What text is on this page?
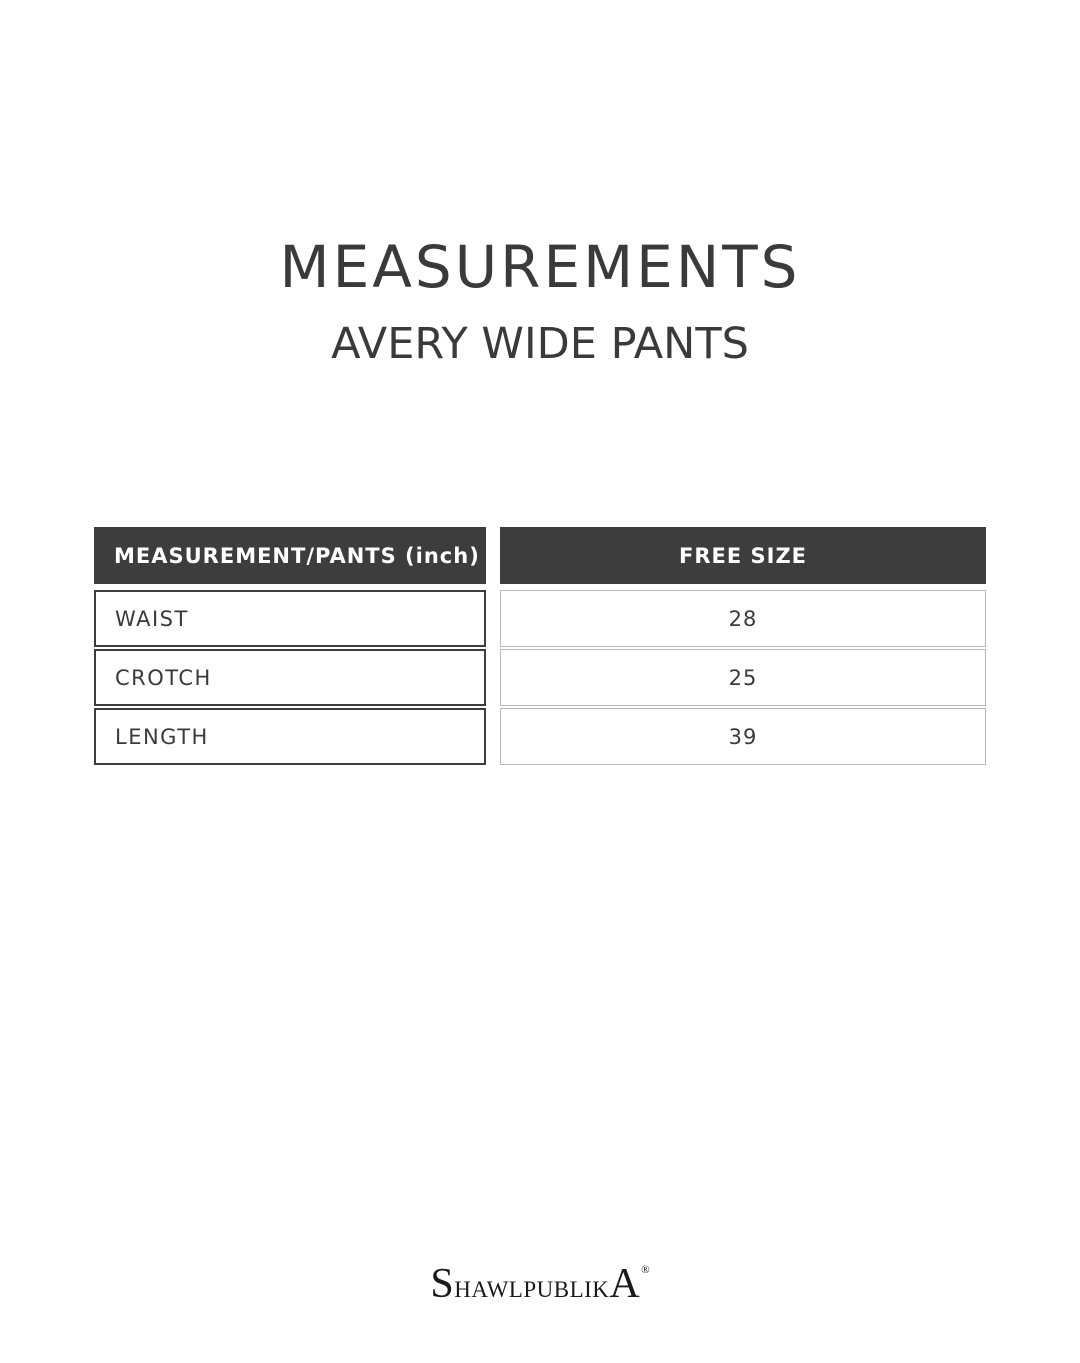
MEASUREMENTS
AVERY WIDE PANTS
MEASUREMENT/PANTS (inch)
WAIST
CROTCH
LENGTH
FREE SIZE
28
25
39
ShawlpublikA®
